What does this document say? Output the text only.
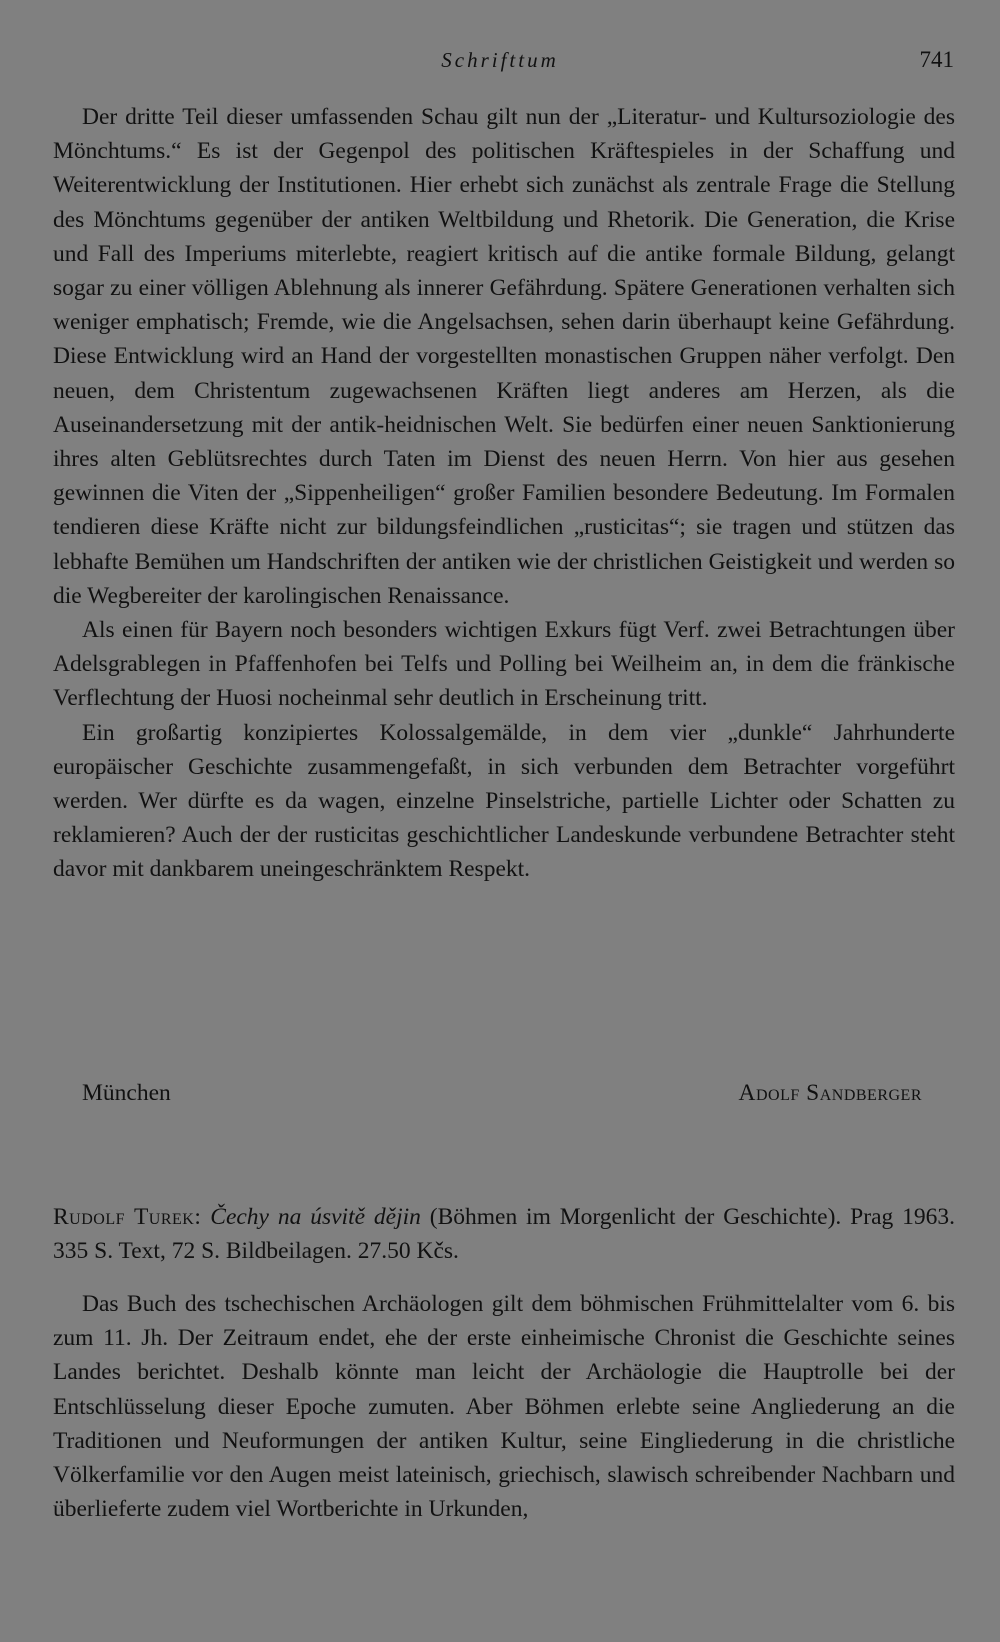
Schrifttum	741

Der dritte Teil dieser umfassenden Schau gilt nun der „Literatur- und Kultursoziologie des Mönchtums.“ Es ist der Gegenpol des politischen Kräftespieles in der Schaffung und Weiterentwicklung der Institutionen. Hier erhebt sich zunächst als zentrale Frage die Stellung des Mönchtums gegenüber der antiken Weltbildung und Rhetorik. Die Generation, die Krise und Fall des Imperiums miterlebte, reagiert kritisch auf die antike formale Bildung, gelangt sogar zu einer völligen Ablehnung als innerer Gefährdung. Spätere Generationen verhalten sich weniger emphatisch; Fremde, wie die Angelsachsen, sehen darin überhaupt keine Gefährdung. Diese Entwicklung wird an Hand der vorgestellten monastischen Gruppen näher verfolgt. Den neuen, dem Christentum zugewachsenen Kräften liegt anderes am Herzen, als die Auseinandersetzung mit der antik-heidnischen Welt. Sie bedürfen einer neuen Sanktionierung ihres alten Geblütsrechtes durch Taten im Dienst des neuen Herrn. Von hier aus gesehen gewinnen die Viten der „Sippenheiligen“ großer Familien besondere Bedeutung. Im Formalen tendieren diese Kräfte nicht zur bildungsfeindlichen „rusticitas“; sie tragen und stützen das lebhafte Bemühen um Handschriften der antiken wie der christlichen Geistigkeit und werden so die Wegbereiter der karolingischen Renaissance.

Als einen für Bayern noch besonders wichtigen Exkurs fügt Verf. zwei Betrachtungen über Adelsgrablegen in Pfaffenhofen bei Telfs und Polling bei Weilheim an, in dem die fränkische Verflechtung der Huosi nocheinmal sehr deutlich in Erscheinung tritt.

Ein großartig konzipiertes Kolossalgemälde, in dem vier „dunkle“ Jahrhunderte europäischer Geschichte zusammengefaßt, in sich verbunden dem Betrachter vorgeführt werden. Wer dürfte es da wagen, einzelne Pinselstriche, partielle Lichter oder Schatten zu reklamieren? Auch der der rusticitas geschichtlicher Landeskunde verbundene Betrachter steht davor mit dankbarem uneingeschränktem Respekt.

München	Adolf Sandberger
Rudolf Turek: Čechy na úsvitě dějin (Böhmen im Morgenlicht der Geschichte). Prag 1963. 335 S. Text, 72 S. Bildbeilagen. 27.50 Kčs.

Das Buch des tschechischen Archäologen gilt dem böhmischen Frühmittelalter vom 6. bis zum 11. Jh. Der Zeitraum endet, ehe der erste einheimische Chronist die Geschichte seines Landes berichtet. Deshalb könnte man leicht der Archäologie die Hauptrolle bei der Entschlüsselung dieser Epoche zumuten. Aber Böhmen erlebte seine Angliederung an die Traditionen und Neuformungen der antiken Kultur, seine Eingliederung in die christliche Völkerfamilie vor den Augen meist lateinisch, griechisch, slawisch schreibender Nachbarn und überlieferte zudem viel Wortberichte in Urkunden,
